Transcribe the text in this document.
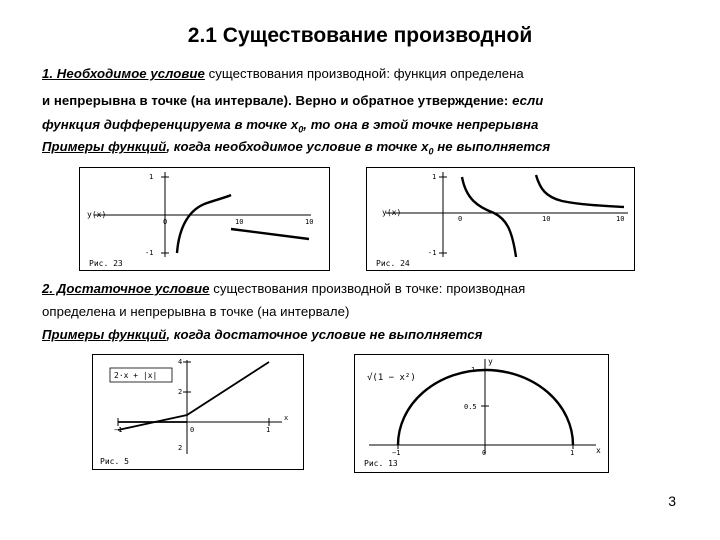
2.1 Существование производной
1. Необходимое условие существования производной: функция определена
и непрерывна в точке (на интервале). Верно и обратное утверждение: если
функция дифференцируема в точке $х_0$, то она в этой точке непрерывна
Примеры функций, когда необходимое условие в точке $х_0$ не выполняется
y(x)
1
-1
0	10	10
Рис. 23
y(x)
1
-1
0	10	10
Рис. 24
2. Достаточное условие существования производной в точке: производная
определена и непрерывна в точке (на интервале)
Примеры функций, когда достаточное условие не выполняется
2·x + |x|
4
2
−1	0	1
2
x
Рис. 5
√(1 − x²)
y
1
0.5
−1	0	1	x
Рис. 13
3
